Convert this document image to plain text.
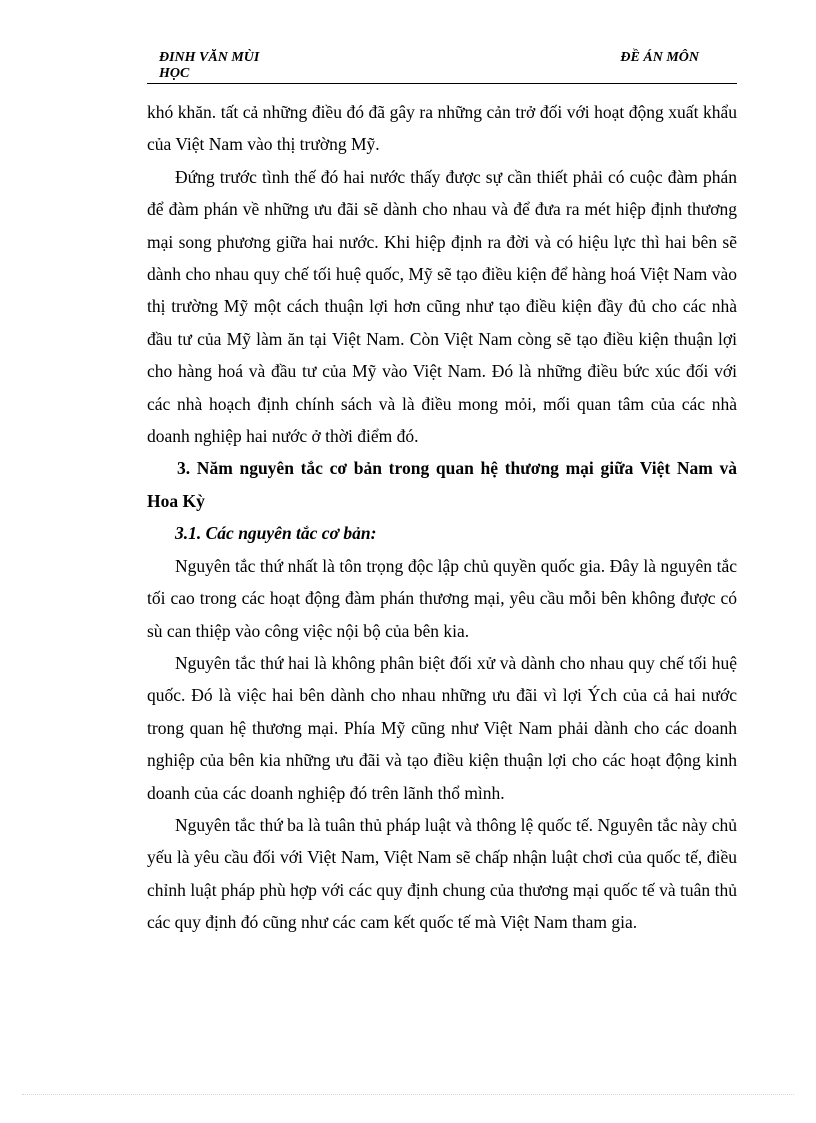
ĐINH VĂN MÙI HỌC
ĐỀ ÁN MÔN

khó khăn. tất cả những điều đó đã gây ra những cản trở đối với hoạt động xuất khẩu của Việt Nam vào thị trường Mỹ.

Đứng trước tình thế đó hai nước thấy được sự cần thiết phải có cuộc đàm phán để đàm phán về những ưu đãi sẽ dành cho nhau và để đưa ra mét hiệp định thương mại song phương giữa hai nước. Khi hiệp định ra đời và có hiệu lực thì hai bên sẽ dành cho nhau quy chế tối huệ quốc, Mỹ sẽ tạo điều kiện để hàng hoá Việt Nam vào thị trường Mỹ một cách thuận lợi hơn cũng như tạo điều kiện đầy đủ cho các nhà đầu tư của Mỹ làm ăn tại Việt Nam. Còn Việt Nam còng sẽ tạo điều kiện thuận lợi cho hàng hoá và đầu tư của Mỹ vào Việt Nam. Đó là những điều bức xúc đối với các nhà hoạch định chính sách và là điều mong mỏi, mối quan tâm của các nhà doanh nghiệp hai nước ở thời điểm đó.

3. Năm nguyên tắc cơ bản trong quan hệ thương mại giữa Việt Nam và Hoa Kỳ

3.1. Các nguyên tắc cơ bản:

Nguyên tắc thứ nhất là tôn trọng độc lập chủ quyền quốc gia. Đây là nguyên tắc tối cao trong các hoạt động đàm phán thương mại, yêu cầu mỗi bên không được có sù can thiệp vào công việc nội bộ của bên kia.

Nguyên tắc thứ hai là không phân biệt đối xử và dành cho nhau quy chế tối huệ quốc. Đó là việc hai bên dành cho nhau những ưu đãi vì lợi Ých của cả hai nước trong quan hệ thương mại. Phía Mỹ cũng như Việt Nam phải dành cho các doanh nghiệp của bên kia những ưu đãi và tạo điều kiện thuận lợi cho các hoạt động kinh doanh của các doanh nghiệp đó trên lãnh thổ mình.

Nguyên tắc thứ ba là tuân thủ pháp luật và thông lệ quốc tế. Nguyên tắc này chủ yếu là yêu cầu đối với Việt Nam, Việt Nam sẽ chấp nhận luật chơi của quốc tế, điều chỉnh luật pháp phù hợp với các quy định chung của thương mại quốc tế và tuân thủ các quy định đó cũng như các cam kết quốc tế mà Việt Nam tham gia.
